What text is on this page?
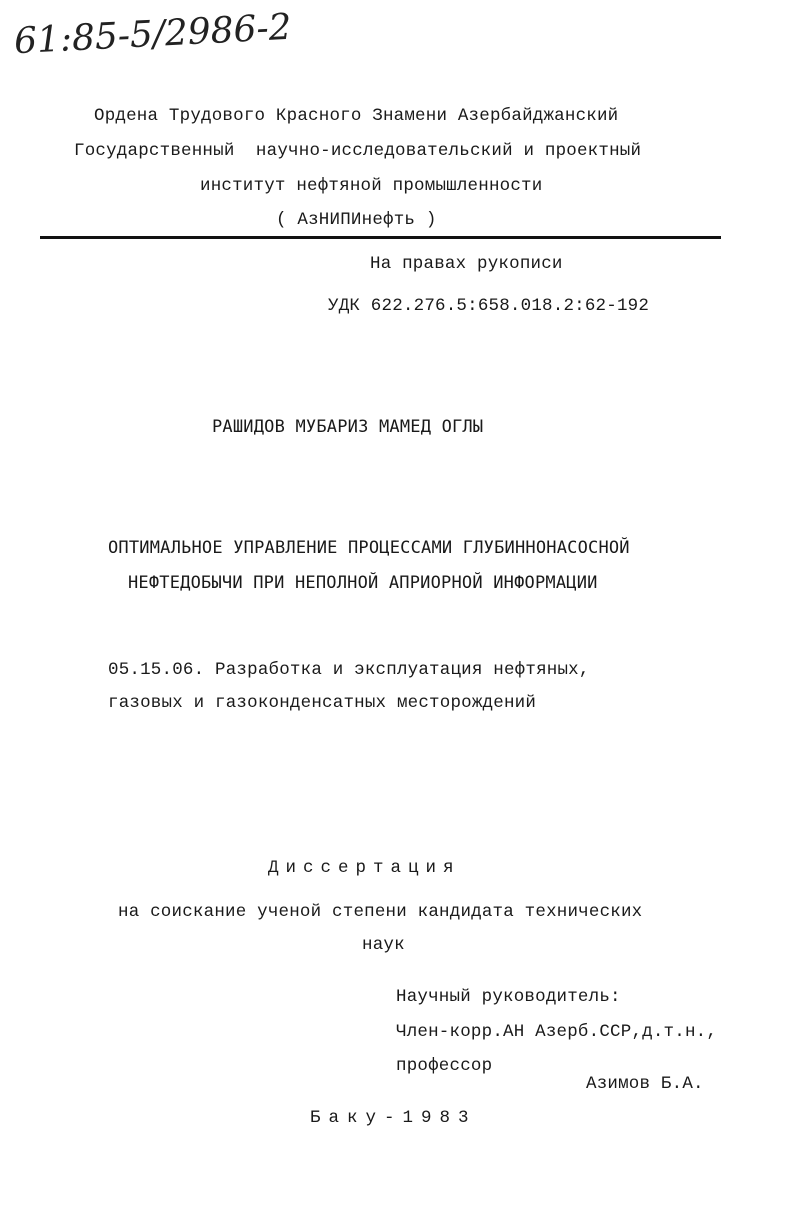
61:85-5/2986-2
Ордена Трудового Красного Знамени Азербайджанский
Государственный  научно-исследовательский и проектный
институт нефтяной промышленности
( АзНИПИнефть )
На правах рукописи
УДК 622.276.5:658.018.2:62-192
РАШИДОВ МУБАРИЗ МАМЕД ОГЛЫ
ОПТИМАЛЬНОЕ УПРАВЛЕНИЕ ПРОЦЕССАМИ ГЛУБИННОНАСОСНОЙ
НЕФТЕДОБЫЧИ ПРИ НЕПОЛНОЙ АПРИОРНОЙ ИНФОРМАЦИИ
05.15.06. Разработка и эксплуатация нефтяных,
газовых и газоконденсатных месторождений
Диссертация
на соискание ученой степени кандидата технических
наук
Научный руководитель:
Член-корр.АН Азерб.ССР,д.т.н.,
профессор
Азимов Б.А.
Баку-1983
